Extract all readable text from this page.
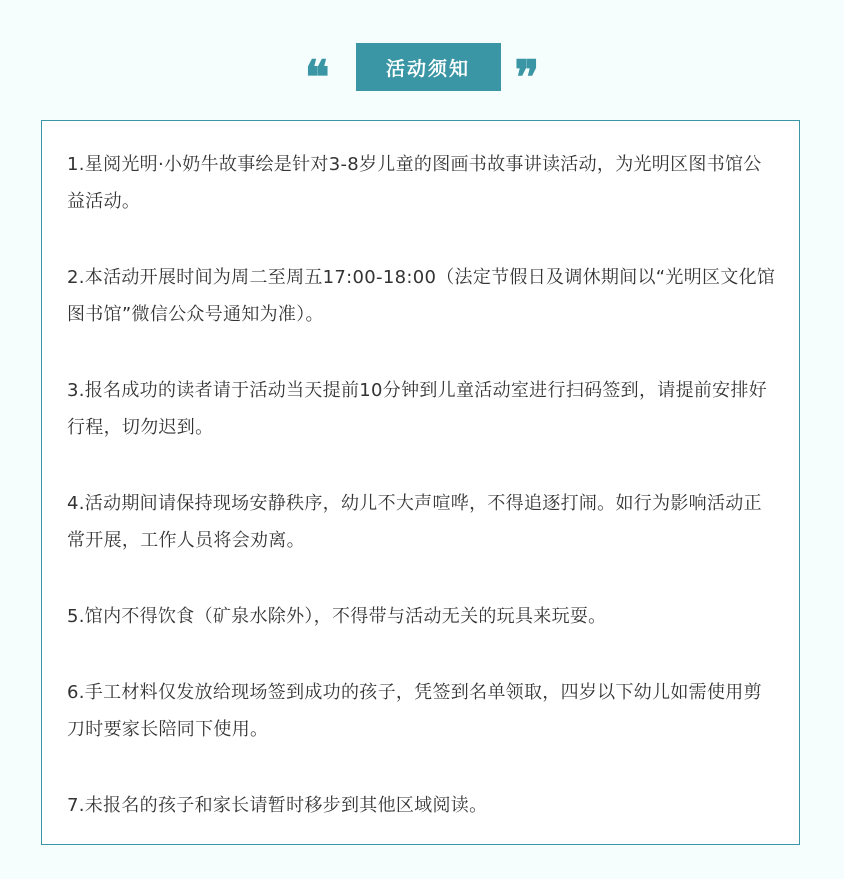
❝	活动须知 ❞
1.星阅光明·小奶牛故事绘是针对3-8岁儿童的图画书故事讲读活动，为光明区图书馆公益活动。
2.本活动开展时间为周二至周五17:00-18:00（法定节假日及调休期间以“光明区文化馆图书馆”微信公众号通知为准）。
3.报名成功的读者请于活动当天提前10分钟到儿童活动室进行扫码签到，请提前安排好行程，切勿迟到。
4.活动期间请保持现场安静秩序，幼儿不大声喧哗，不得追逐打闹。如行为影响活动正常开展，工作人员将会劝离。
5.馆内不得饮食（矿泉水除外），不得带与活动无关的玩具来玩耍。
6.手工材料仅发放给现场签到成功的孩子，凭签到名单领取，四岁以下幼儿如需使用剪刀时要家长陪同下使用。
7.未报名的孩子和家长请暂时移步到其他区域阅读。
